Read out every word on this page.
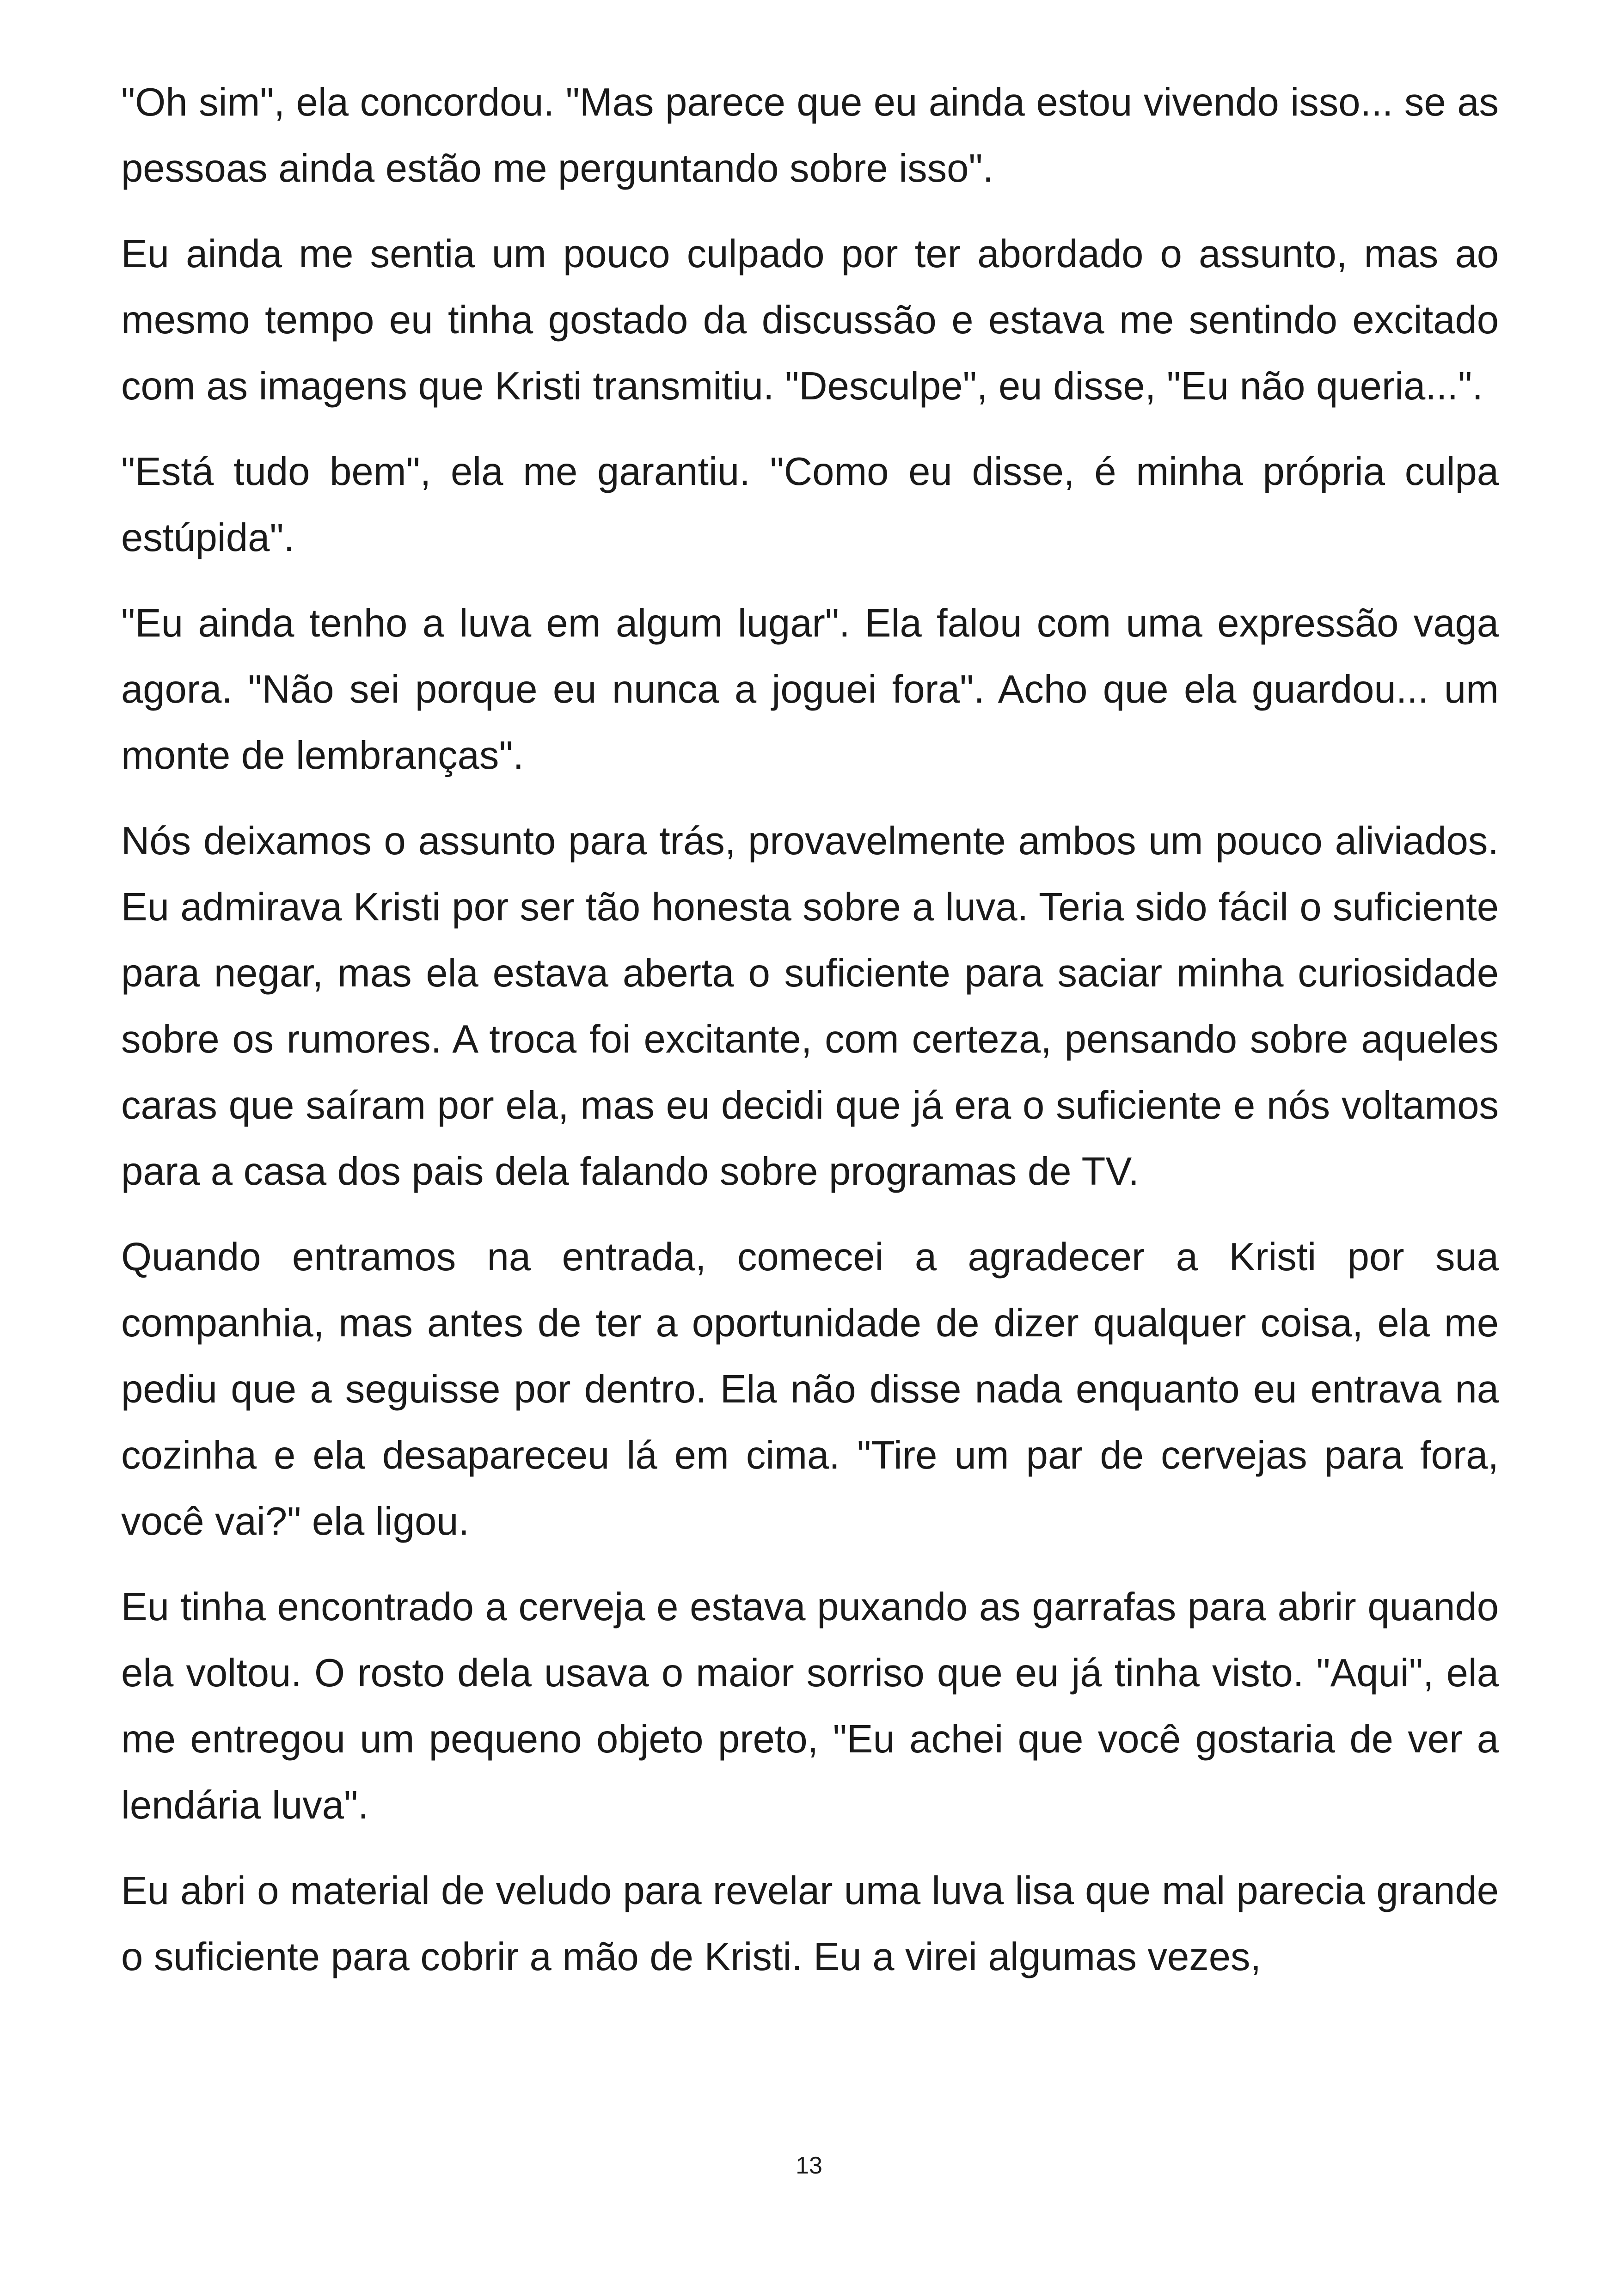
"Oh sim", ela concordou. "Mas parece que eu ainda estou vivendo isso... se as pessoas ainda estão me perguntando sobre isso".

Eu ainda me sentia um pouco culpado por ter abordado o assunto, mas ao mesmo tempo eu tinha gostado da discussão e estava me sentindo excitado com as imagens que Kristi transmitiu. "Desculpe", eu disse, "Eu não queria...".

"Está tudo bem", ela me garantiu. "Como eu disse, é minha própria culpa estúpida".

"Eu ainda tenho a luva em algum lugar". Ela falou com uma expressão vaga agora. "Não sei porque eu nunca a joguei fora". Acho que ela guardou... um monte de lembranças".

Nós deixamos o assunto para trás, provavelmente ambos um pouco aliviados. Eu admirava Kristi por ser tão honesta sobre a luva. Teria sido fácil o suficiente para negar, mas ela estava aberta o suficiente para saciar minha curiosidade sobre os rumores. A troca foi excitante, com certeza, pensando sobre aqueles caras que saíram por ela, mas eu decidi que já era o suficiente e nós voltamos para a casa dos pais dela falando sobre programas de TV.

Quando entramos na entrada, comecei a agradecer a Kristi por sua companhia, mas antes de ter a oportunidade de dizer qualquer coisa, ela me pediu que a seguisse por dentro. Ela não disse nada enquanto eu entrava na cozinha e ela desapareceu lá em cima. "Tire um par de cervejas para fora, você vai?" ela ligou.

Eu tinha encontrado a cerveja e estava puxando as garrafas para abrir quando ela voltou. O rosto dela usava o maior sorriso que eu já tinha visto. "Aqui", ela me entregou um pequeno objeto preto, "Eu achei que você gostaria de ver a lendária luva".

Eu abri o material de veludo para revelar uma luva lisa que mal parecia grande o suficiente para cobrir a mão de Kristi. Eu a virei algumas vezes,

13
